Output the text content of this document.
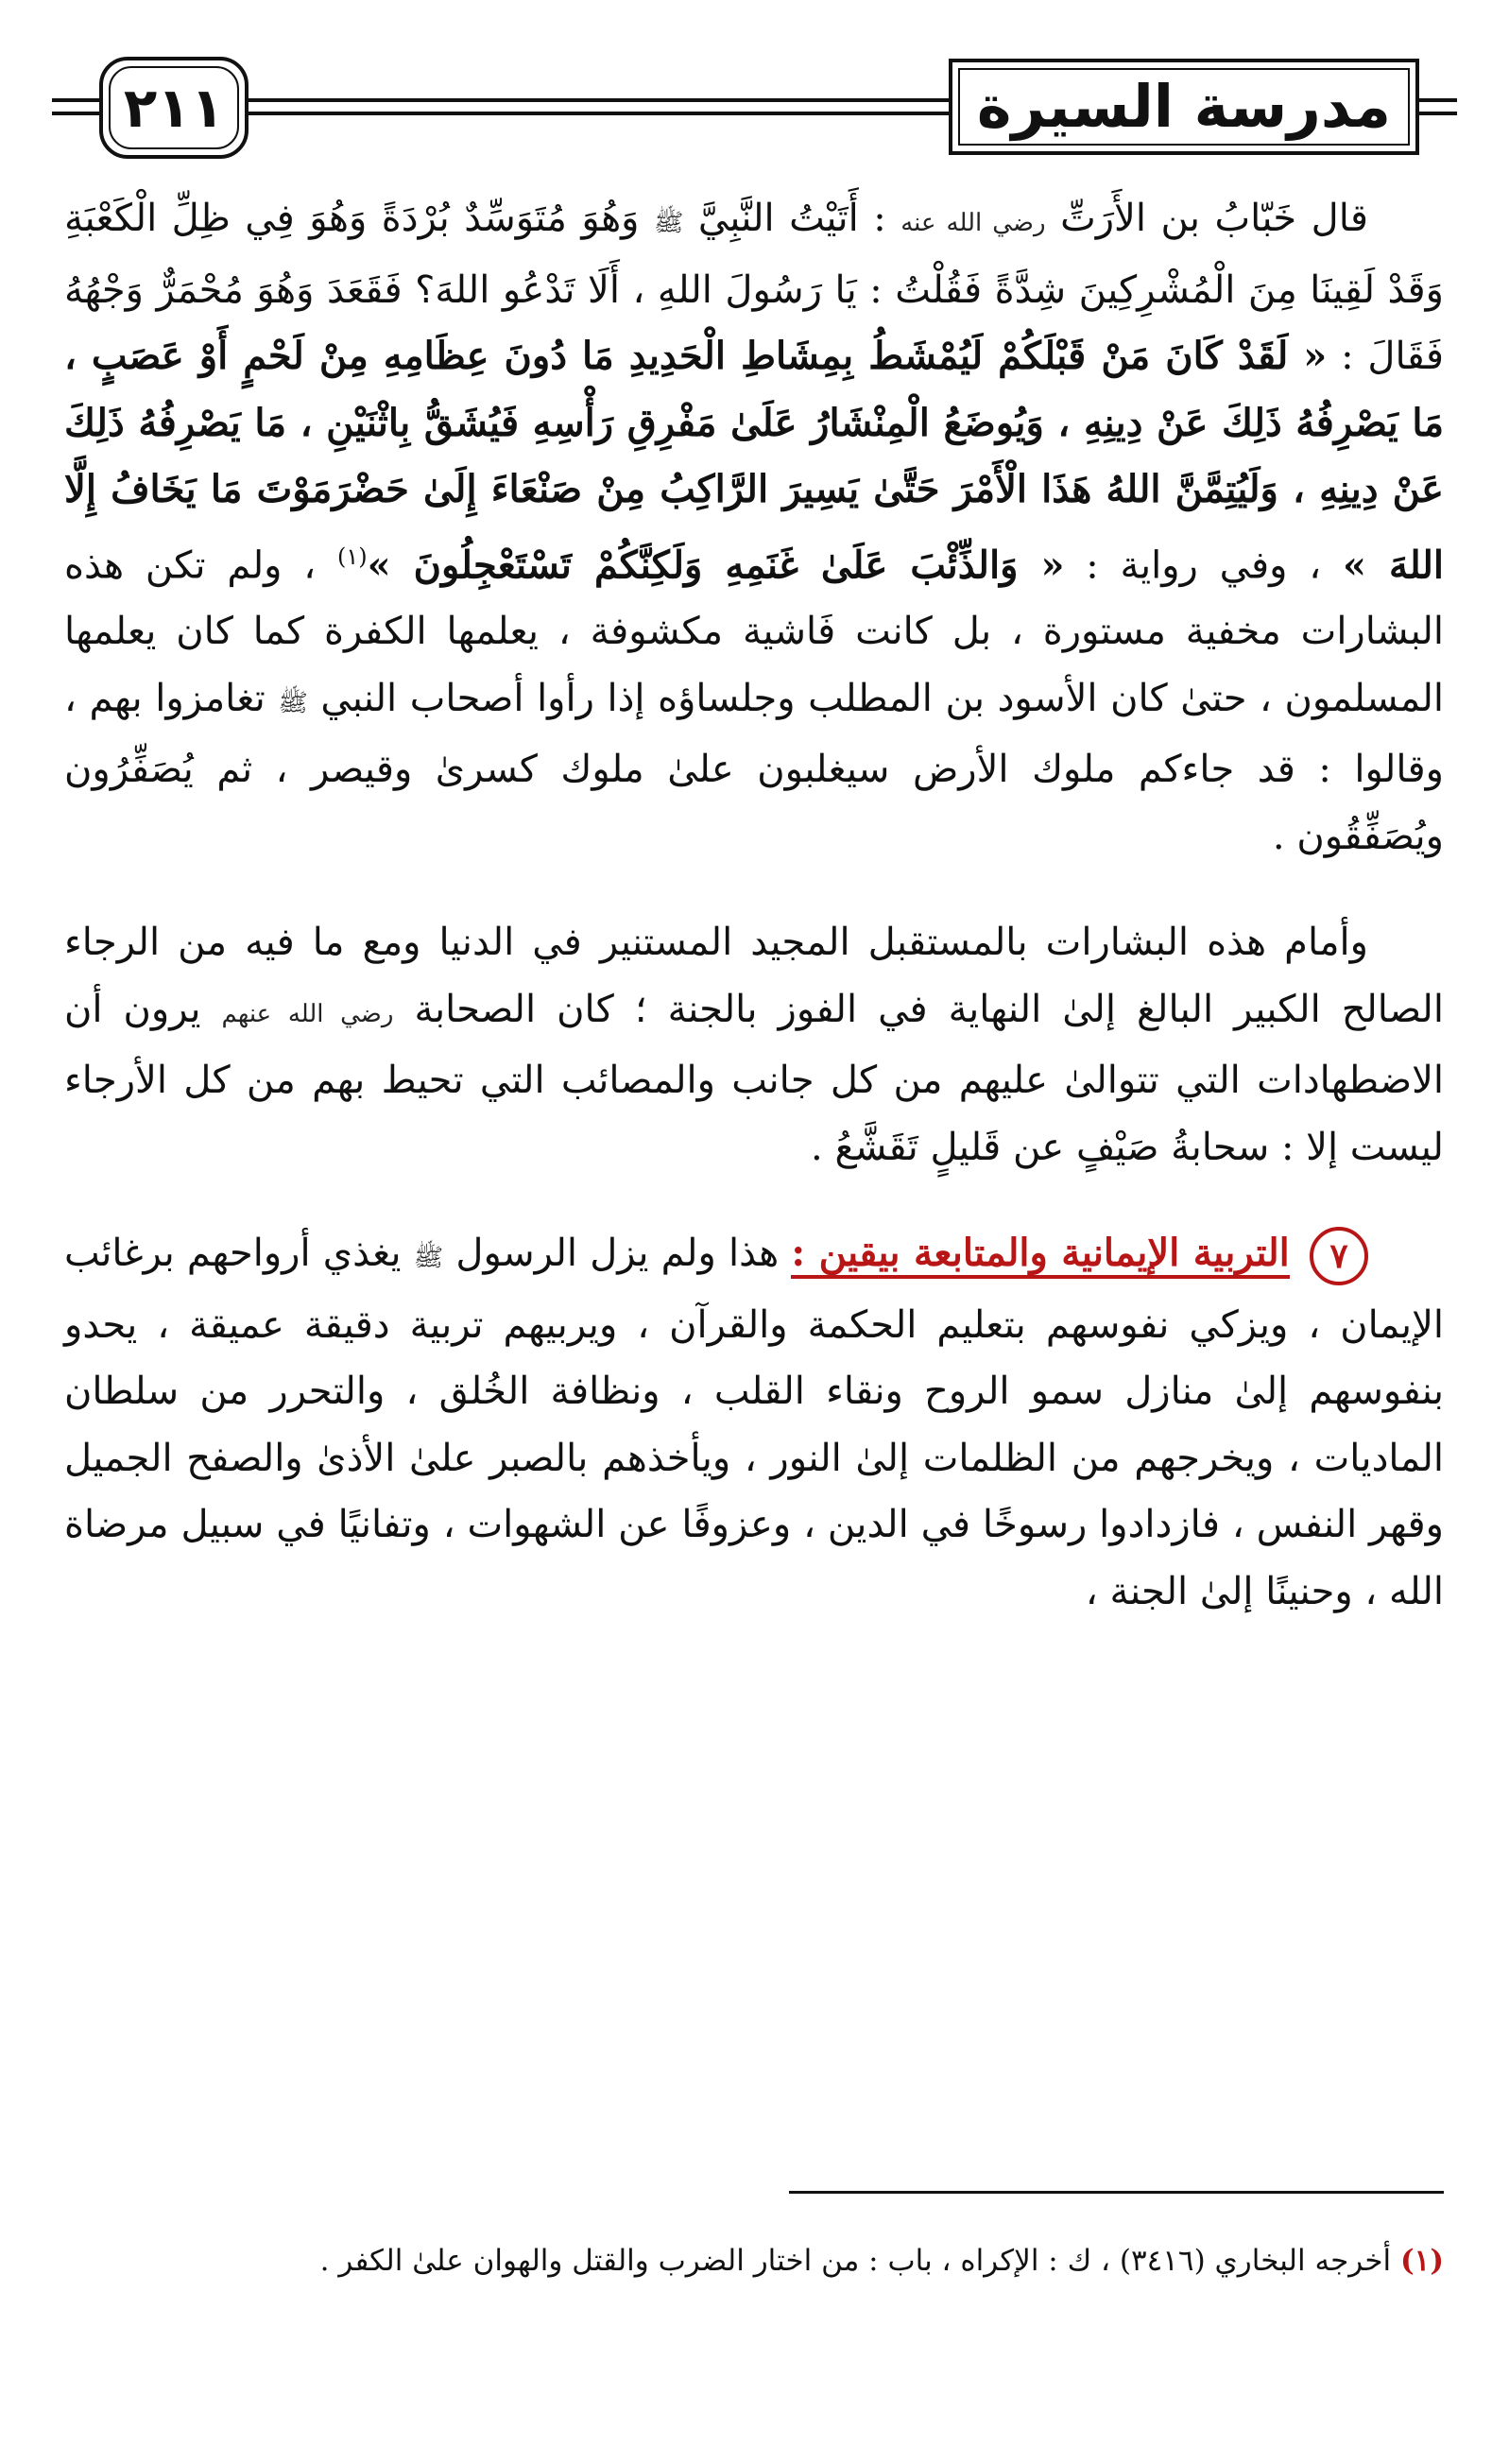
٢١١	مدرسة السيرة

قال خَبّابُ بن الأَرَتِّ رضي الله عنه : أَتَيْتُ النَّبِيَّ ﷺ وَهُوَ مُتَوَسِّدٌ بُرْدَةً وَهُوَ فِي ظِلِّ الْكَعْبَةِ وَقَدْ لَقِينَا مِنَ الْمُشْرِكِينَ شِدَّةً فَقُلْتُ : يَا رَسُولَ اللهِ ، أَلَا تَدْعُو اللهَ؟ فَقَعَدَ وَهُوَ مُحْمَرٌّ وَجْهُهُ فَقَالَ : « لَقَدْ كَانَ مَنْ قَبْلَكُمْ لَيُمْشَطُ بِمِشَاطِ الْحَدِيدِ مَا دُونَ عِظَامِهِ مِنْ لَحْمٍ أَوْ عَصَبٍ ، مَا يَصْرِفُهُ ذَلِكَ عَنْ دِينِهِ ، وَيُوضَعُ الْمِنْشَارُ عَلَىٰ مَفْرِقِ رَأْسِهِ فَيُشَقُّ بِاثْنَيْنِ ، مَا يَصْرِفُهُ ذَلِكَ عَنْ دِينِهِ ، وَلَيُتِمَّنَّ اللهُ هَذَا الْأَمْرَ حَتَّىٰ يَسِيرَ الرَّاكِبُ مِنْ صَنْعَاءَ إِلَىٰ حَضْرَمَوْتَ مَا يَخَافُ إِلَّا اللهَ » ، وفي رواية : « وَالذِّئْبَ عَلَىٰ غَنَمِهِ وَلَكِنَّكُمْ تَسْتَعْجِلُونَ »$^{(١)}$ ، ولم تكن هذه البشارات مخفية مستورة ، بل كانت فَاشية مكشوفة ، يعلمها الكفرة كما كان يعلمها المسلمون ، حتىٰ كان الأسود بن المطلب وجلساؤه إذا رأوا أصحاب النبي ﷺ تغامزوا بهم ، وقالوا : قد جاءكم ملوك الأرض سيغلبون علىٰ ملوك كسرىٰ وقيصر ، ثم يُصَفِّرُون ويُصَفِّقُون .

وأمام هذه البشارات بالمستقبل المجيد المستنير في الدنيا ومع ما فيه من الرجاء الصالح الكبير البالغ إلىٰ النهاية في الفوز بالجنة ؛ كان الصحابة رضي الله عنهم يرون أن الاضطهادات التي تتوالىٰ عليهم من كل جانب والمصائب التي تحيط بهم من كل الأرجاء ليست إلا : سحابةُ صَيْفٍ عن قَليلٍ تَقَشَّعُ .

٧ التربية الإيمانية والمتابعة بيقين : هذا ولم يزل الرسول ﷺ يغذي أرواحهم برغائب الإيمان ، ويزكي نفوسهم بتعليم الحكمة والقرآن ، ويربيهم تربية دقيقة عميقة ، يحدو بنفوسهم إلىٰ منازل سمو الروح ونقاء القلب ، ونظافة الخُلق ، والتحرر من سلطان الماديات ، ويخرجهم من الظلمات إلىٰ النور ، ويأخذهم بالصبر علىٰ الأذىٰ والصفح الجميل وقهر النفس ، فازدادوا رسوخًا في الدين ، وعزوفًا عن الشهوات ، وتفانيًا في سبيل مرضاة الله ، وحنينًا إلىٰ الجنة ،

(١) أخرجه البخاري (٣٤١٦) ، ك : الإكراه ، باب : من اختار الضرب والقتل والهوان علىٰ الكفر .
